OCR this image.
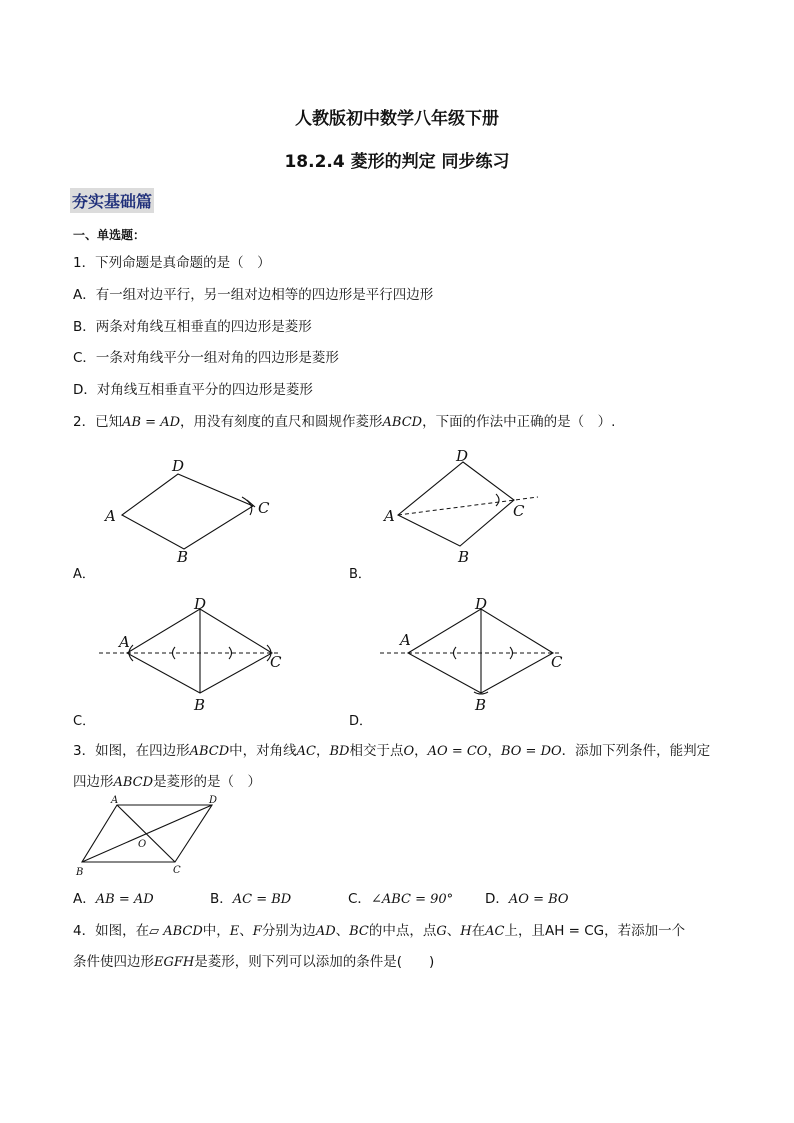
人教版初中数学八年级下册
18.2.4 菱形的判定 同步练习
夯实基础篇
一、单选题：
1．下列命题是真命题的是（　）
A．有一组对边平行，另一组对边相等的四边形是平行四边形
B．两条对角线互相垂直的四边形是菱形
C．一条对角线平分一组对角的四边形是菱形
D．对角线互相垂直平分的四边形是菱形
2．已知AB = AD，用没有刻度的直尺和圆规作菱形ABCD，下面的作法中正确的是（　）.
A
D
C
B
A．
A
D
C
B
B．
A
D
C
B
C．
A
D
C
B
D．
3．如图，在四边形ABCD中，对角线AC，BD相交于点O，AO = CO，BO = DO．添加下列条件，能判定
四边形ABCD是菱形的是（　）
A	D
O
B	C
A．AB = AD	B．AC = BD	C．∠ABC = 90° D．AO = BO
4．如图，在▱ ABCD中，E、F分别为边AD、BC的中点，点G、H在AC上，且AH = CG，若添加一个
条件使四边形EGFH是菱形，则下列可以添加的条件是(　　)
